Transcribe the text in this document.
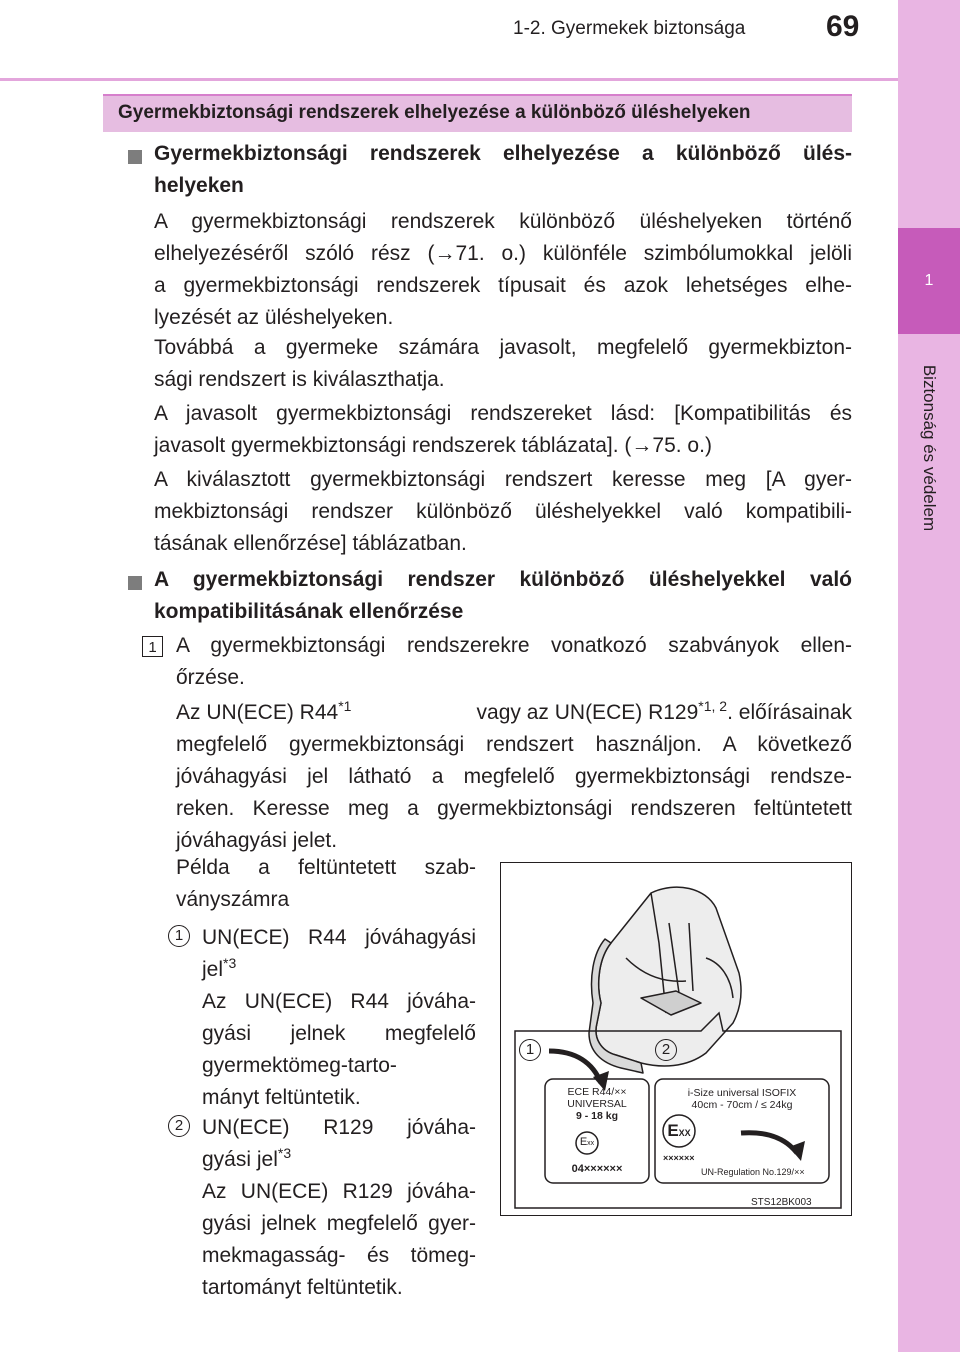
1-2. Gyermekek biztonsága	69
1
Biztonság és védelem
Gyermekbiztonsági rendszerek elhelyezése a különböző üléshelyeken
Gyermekbiztonsági rendszerek elhelyezése a különböző ülés-
helyeken
A gyermekbiztonsági rendszerek különböző üléshelyeken történő
elhelyezéséről szóló rész (→71. o.) különféle szimbólumokkal jelöli
a gyermekbiztonsági rendszerek típusait és azok lehetséges elhe-
lyezését az üléshelyeken.
Továbbá a gyermeke számára javasolt, megfelelő gyermekbizton-
sági rendszert is kiválaszthatja.
A javasolt gyermekbiztonsági rendszereket lásd: [Kompatibilitás és
javasolt gyermekbiztonsági rendszerek táblázata]. (→75. o.)
A kiválasztott gyermekbiztonsági rendszert keresse meg [A gyer-
mekbiztonsági rendszer különböző üléshelyekkel való kompatibili-
tásának ellenőrzése] táblázatban.
A gyermekbiztonsági rendszer különböző üléshelyekkel való
kompatibilitásának ellenőrzése
1 A gyermekbiztonsági rendszerekre vonatkozó szabványok ellen-
őrzése.
Az UN(ECE) R44$^{*1}$	vagy az UN(ECE) R129$^{*1, 2}$. előírásainak
megfelelő gyermekbiztonsági rendszert használjon. A következő
jóváhagyási jel látható a megfelelő gyermekbiztonsági rendsze-
reken. Keresse meg a gyermekbiztonsági rendszeren feltüntetett
jóváhagyási jelet.
Példa a feltüntetett szab-
ványszámra
1 UN(ECE) R44 jóváhagyási
jel$^{*3}$
Az UN(ECE) R44 jóváha-
gyási jelnek megfelelő
gyermektömeg-tarto-
mányt feltüntetik.
2 UN(ECE) R129 jóváha-
gyási jel$^{*3}$
Az UN(ECE) R129 jóváha-
gyási jelnek megfelelő gyer-
mekmagasság- és tömeg-
tartományt feltüntetik.
1	2
ECE R44/××
UNIVERSAL
9 - 18 kg
Exx
04××××××
i-Size universal ISOFIX
40cm - 70cm / ≤ 24kg
EXX
××××××
UN-Regulation No.129/××
STS12BK003
